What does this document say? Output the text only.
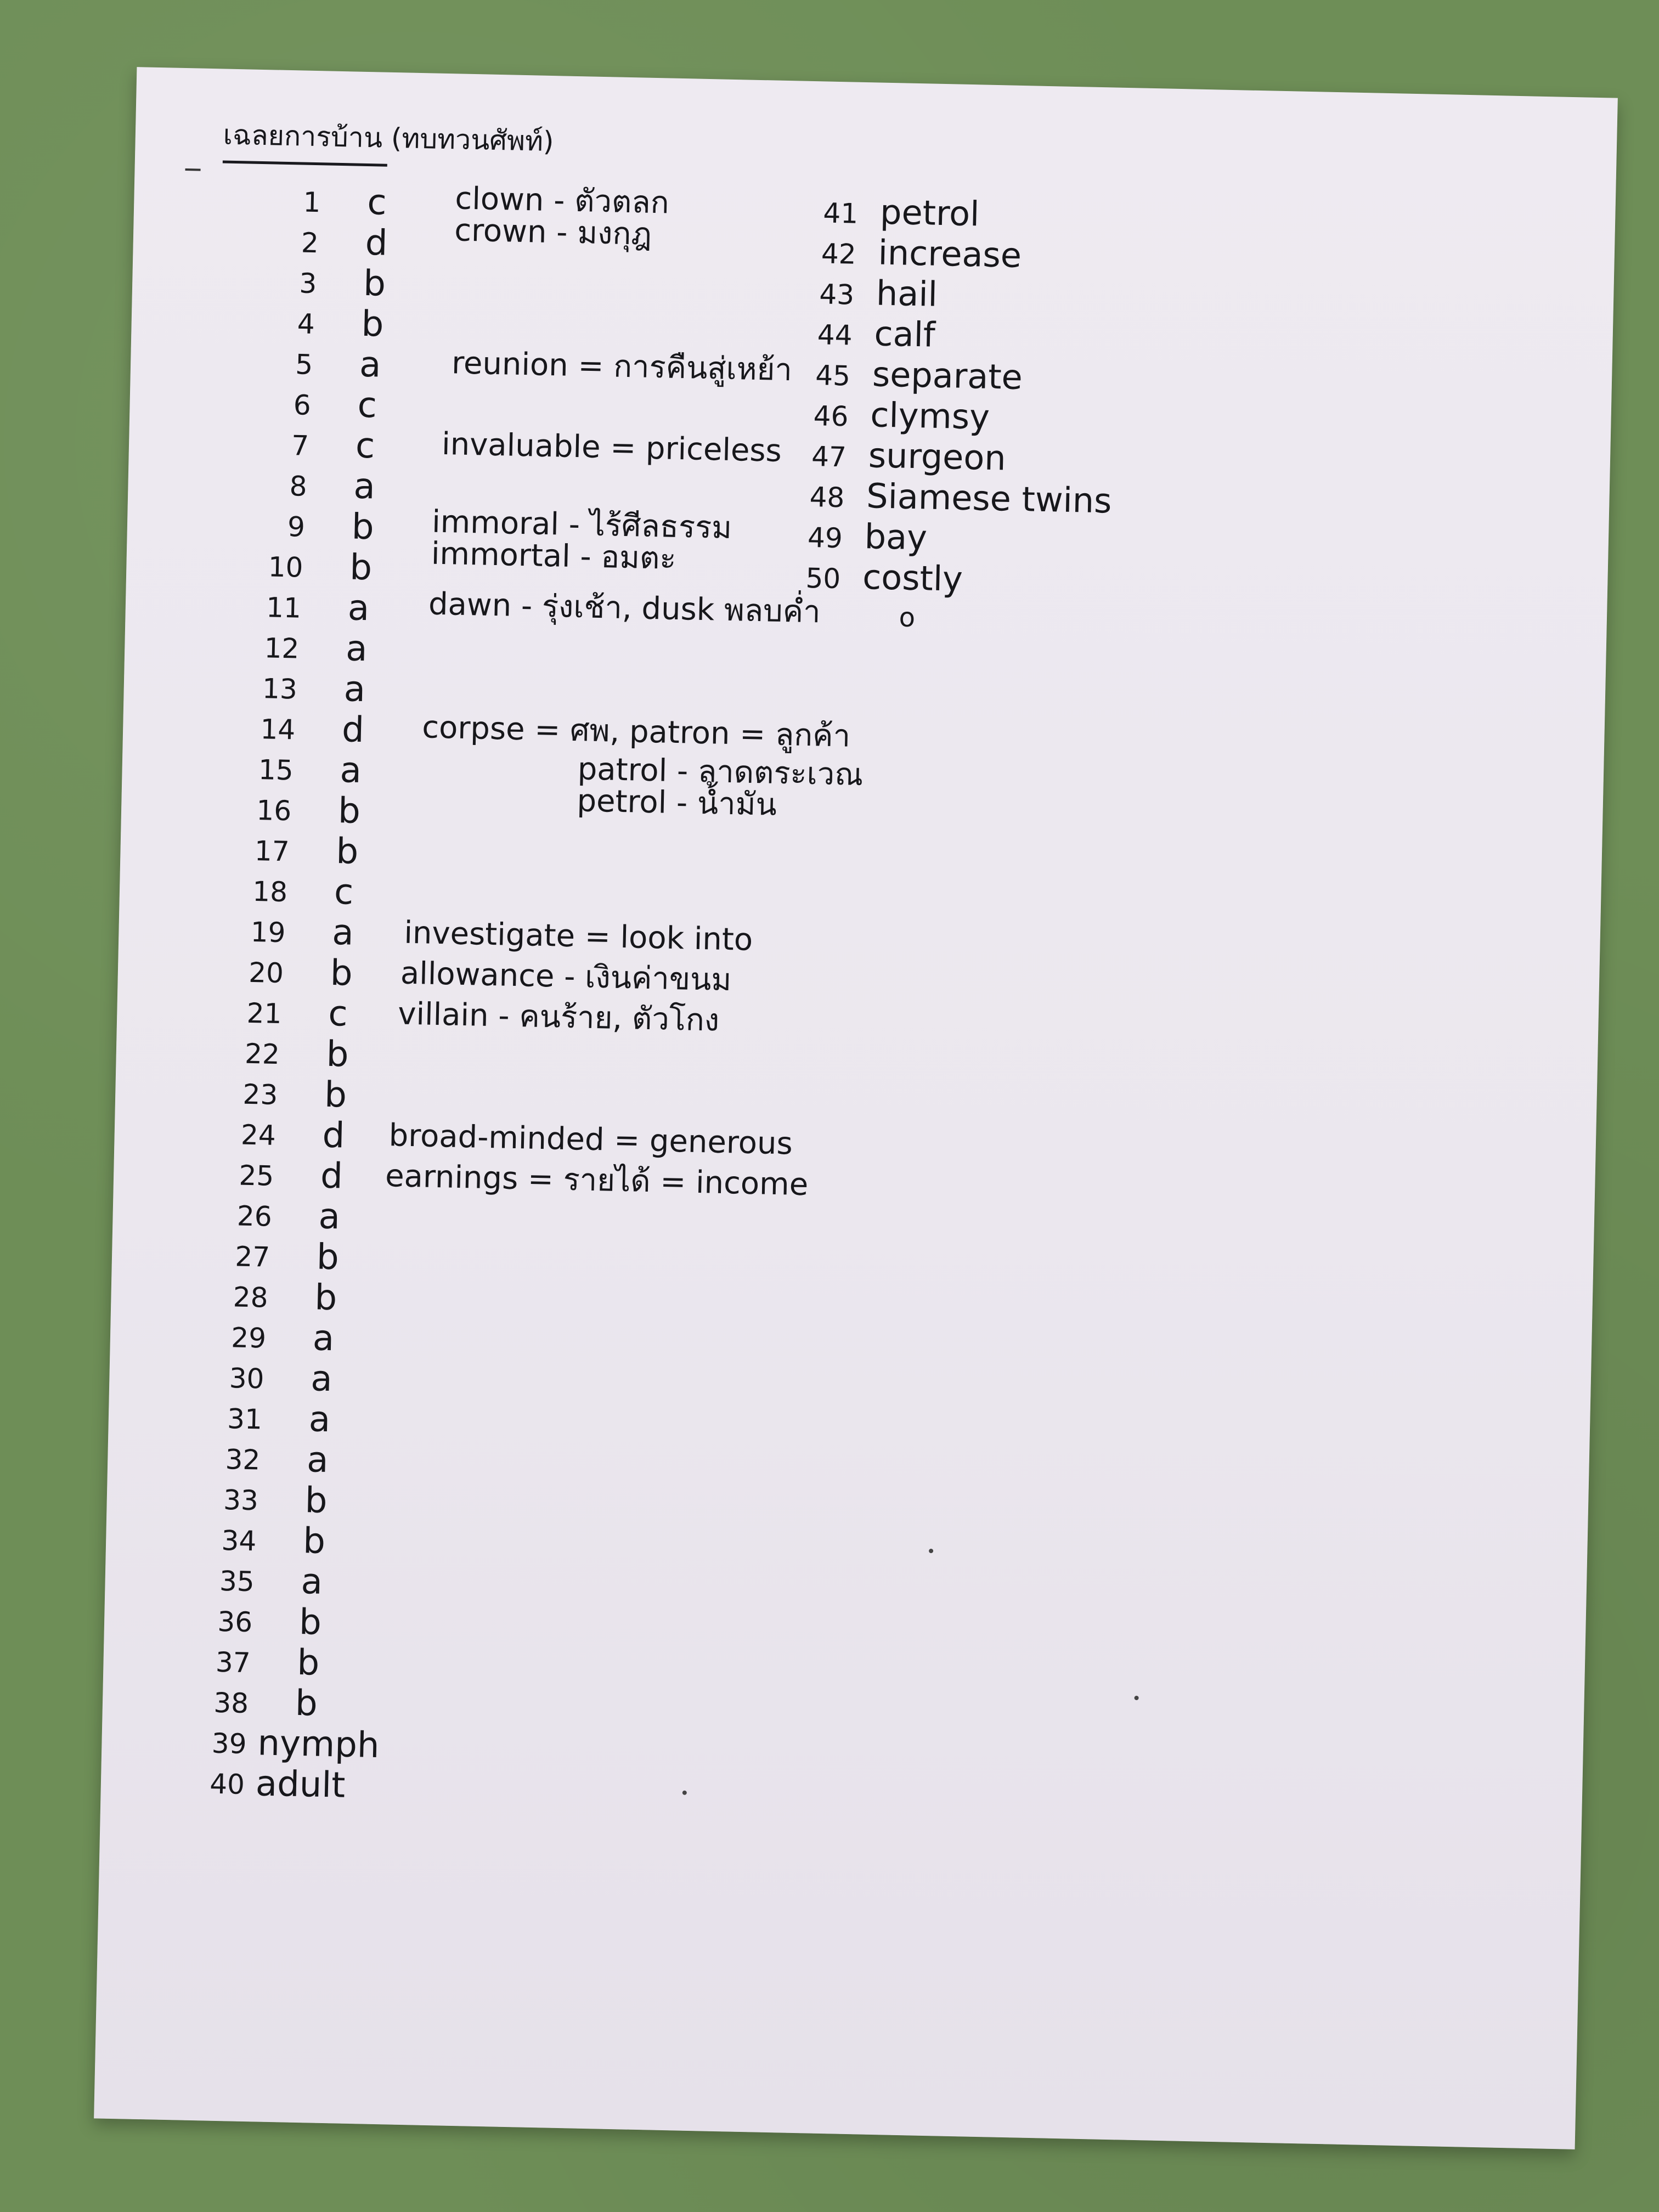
เฉลยการบ้าน (ทบทวนศัพท์)
1
2
3
4
5
6
7
8
9
10
11
12
13
14
15
16
17
18
19
20
21
22
23
24
25
26
27
28
29
30
31
32
33
34
35
36
37
38
39
40
c
d
b
b
a
c
c
a
b
b
a
a
a
d
a
b
b
c
a
b
c
b
b
d
d
a
b
b
a
a
a
a
b
b
a
b
b
b
nymph
adult
clown - ตัวตลก
crown - มงกุฎ
reunion = การคืนสู่เหย้า
invaluable = priceless
immoral - ไร้ศีลธรรม
immortal - อมตะ
dawn - รุ่งเช้า, dusk พลบค่ำ
corpse = ศพ, patron = ลูกค้า
patrol - ลาดตระเวณ
petrol - น้ำมัน
investigate = look into
allowance - เงินค่าขนม
villain - คนร้าย, ตัวโกง
broad-minded = generous
earnings = รายได้ = income
41
42
43
44
45
46
47
48
49
50
petrol
increase
hail
calf
separate
clymsy
surgeon
Siamese twins
bay
costly
o
